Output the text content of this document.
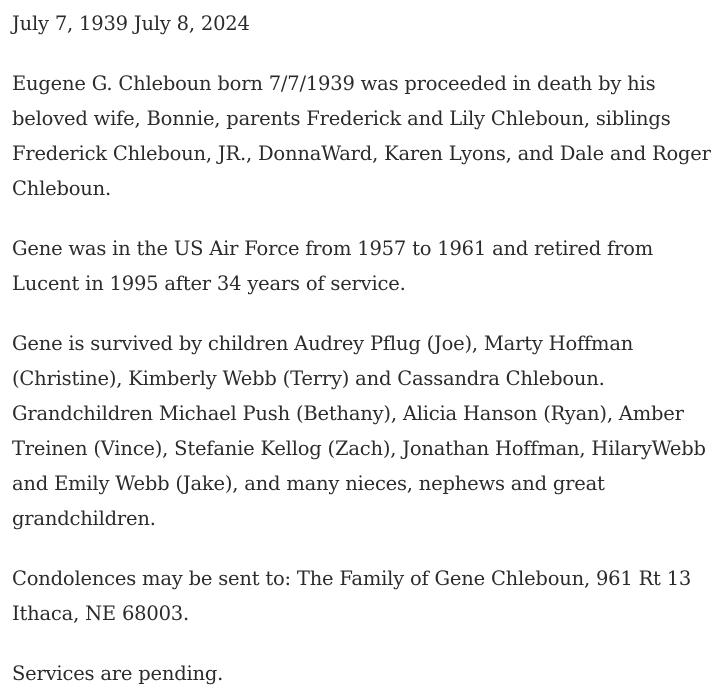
July 7, 1939 July 8, 2024

Eugene G. Chleboun born 7/7/1939 was proceeded in death by his beloved wife, Bonnie, parents Frederick and Lily Chleboun, siblings Frederick Chleboun, JR., DonnaWard, Karen Lyons, and Dale and Roger Chleboun.

Gene was in the US Air Force from 1957 to 1961 and retired from Lucent in 1995 after 34 years of service.

Gene is survived by children Audrey Pflug (Joe), Marty Hoffman (Christine), Kimberly Webb (Terry) and Cassandra Chleboun. Grandchildren Michael Push (Bethany), Alicia Hanson (Ryan), Amber Treinen (Vince), Stefanie Kellog (Zach), Jonathan Hoffman, HilaryWebb and Emily Webb (Jake), and many nieces, nephews and great grandchildren.

Condolences may be sent to: The Family of Gene Chleboun, 961 Rt 13 Ithaca, NE 68003.

Services are pending.
